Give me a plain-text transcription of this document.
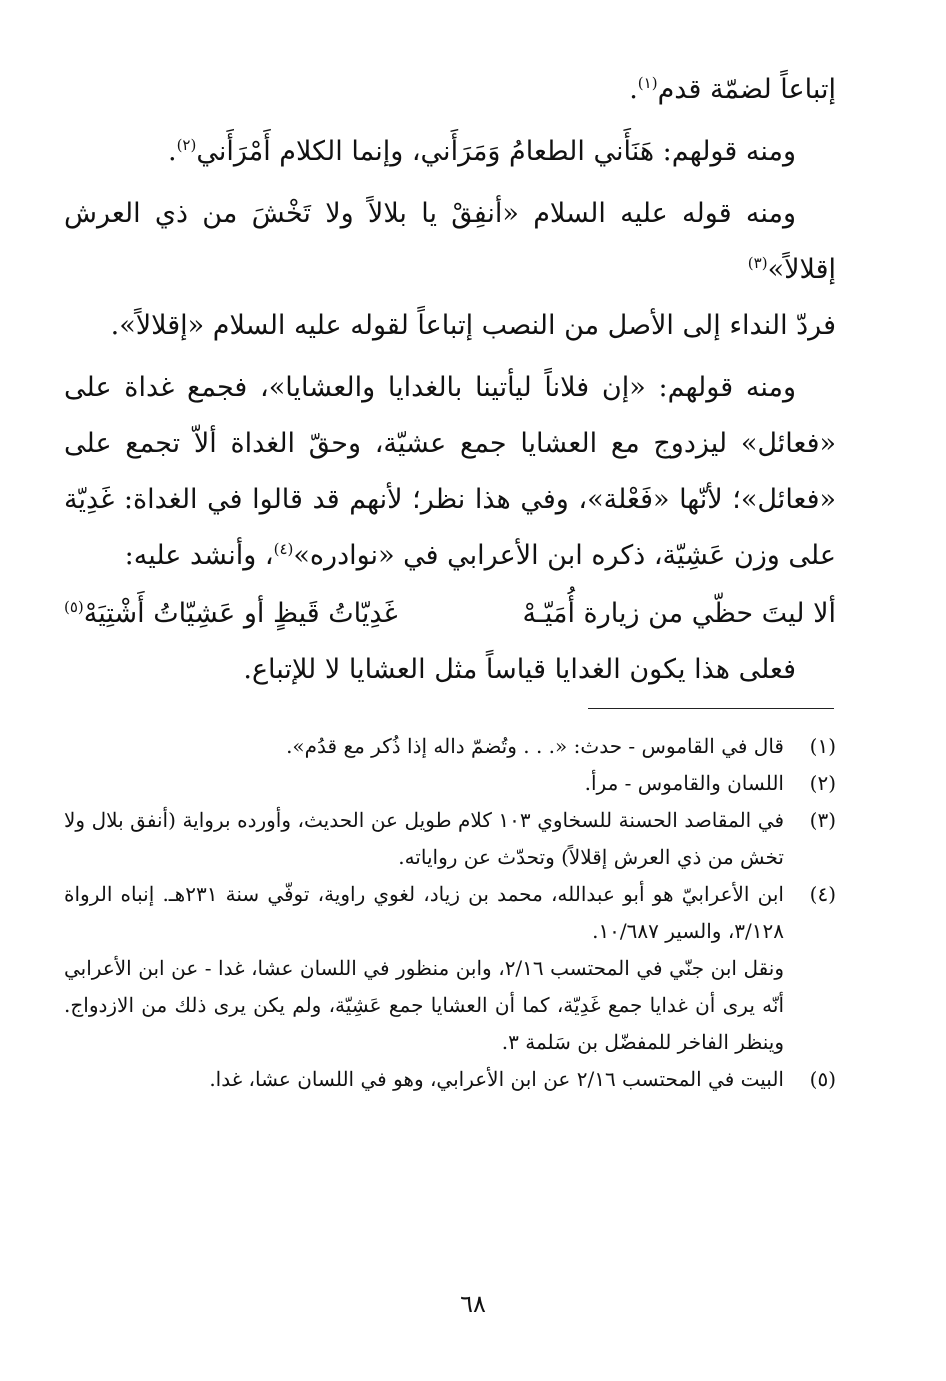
إتباعاً لضمّة قدم$^{(١)}$.

ومنه قولهم: هَنَأَني الطعامُ وَمَرَأَني، وإنما الكلام أَمْرَأَني$^{(٢)}$.

ومنه قوله عليه السلام «أنفِقْ يا بلالاً ولا تَخْشَ من ذي العرش إقلالاً»$^{(٣)}$

فردّ النداء إلى الأصل من النصب إتباعاً لقوله عليه السلام «إقلالاً».

ومنه قولهم: «إن فلاناً ليأتينا بالغدايا والعشايا»، فجمع غداة على «فعائل» ليزدوج مع العشايا جمع عشيّة، وحقّ الغداة ألاّ تجمع على «فعائل»؛ لأنّها «فَعْلة»، وفي هذا نظر؛ لأنهم قد قالوا في الغداة: غَدِيّة على وزن عَشِيّة، ذكره ابن الأعرابي في «نوادره»$^{(٤)}$، وأنشد عليه:

ألا ليتَ حظّي من زيارة أُمَيّـهْ
غَدِيّاتُ قَيظٍ أو عَشِيّاتُ أَشْتِيَهْ$^{(٥)}$

فعلى هذا يكون الغدايا قياساً مثل العشايا لا للإتباع.

(١)

قال في القاموس - حدث: «. . . وتُضمّ داله إذا ذُكر مع قدُم».

(٢)

اللسان والقاموس - مرأ.

(٣)

في المقاصد الحسنة للسخاوي ١٠٣ كلام طويل عن الحديث، وأورده برواية (أنفق بلال ولا تخش من ذي العرش إقلالاً) وتحدّث عن رواياته.

(٤)

ابن الأعرابيّ هو أبو عبدالله، محمد بن زياد، لغوي راوية، توفّي سنة ٢٣١هـ. إنباه الرواة ٣/١٢٨، والسير ١٠/٦٨٧.

ونقل ابن جنّي في المحتسب ٢/١٦، وابن منظور في اللسان عشا، غدا - عن ابن الأعرابي أنّه يرى أن غدايا جمع غَدِيّة، كما أن العشايا جمع عَشِيّة، ولم يكن يرى ذلك من الازدواج. وينظر الفاخر للمفضّل بن سَلمة ٣.

(٥)

البيت في المحتسب ٢/١٦ عن ابن الأعرابي، وهو في اللسان عشا، غدا.

٦٨
